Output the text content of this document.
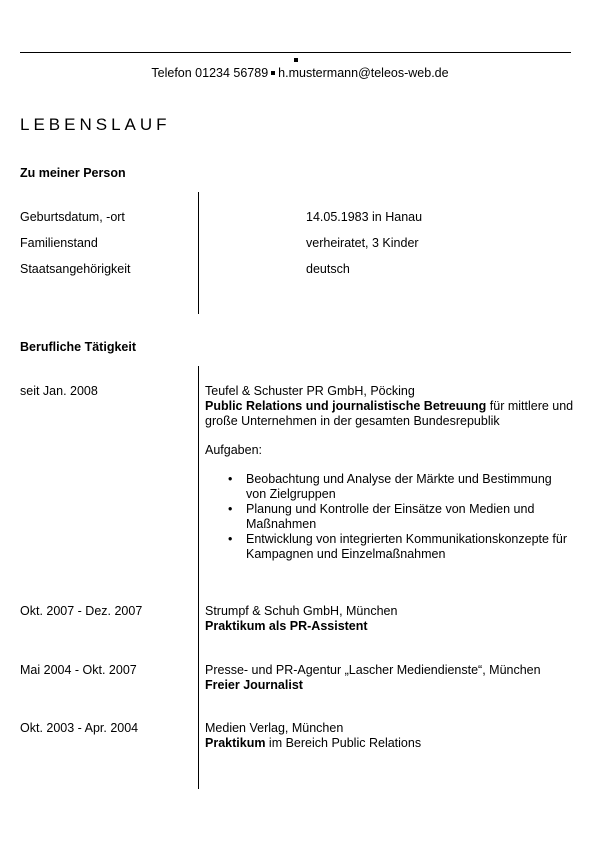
Telefon 01234 56789 h.mustermann@teleos-web.de
LEBENSLAUF
Zu meiner Person
Geburtsdatum, -ort	14.05.1983 in Hanau
Familienstand	verheiratet, 3 Kinder
Staatsangehörigkeit	deutsch
Berufliche Tätigkeit
seit Jan. 2008	Teufel & Schuster PR GmbH, Pöcking
Public Relations und journalistische Betreuung für mittlere und große Unternehmen in der gesamten Bundesrepublik
Aufgaben:
• Beobachtung und Analyse der Märkte und Bestimmung von Zielgruppen
• Planung und Kontrolle der Einsätze von Medien und Maßnahmen
• Entwicklung von integrierten Kommunikationskonzepte für Kampagnen und Einzelmaßnahmen
Okt. 2007 - Dez. 2007	Strumpf & Schuh GmbH, München
Praktikum als PR-Assistent
Mai 2004 - Okt. 2007	Presse- und PR-Agentur „Lascher Mediendienste“, München
Freier Journalist
Okt. 2003 - Apr. 2004	Medien Verlag, München
Praktikum im Bereich Public Relations
